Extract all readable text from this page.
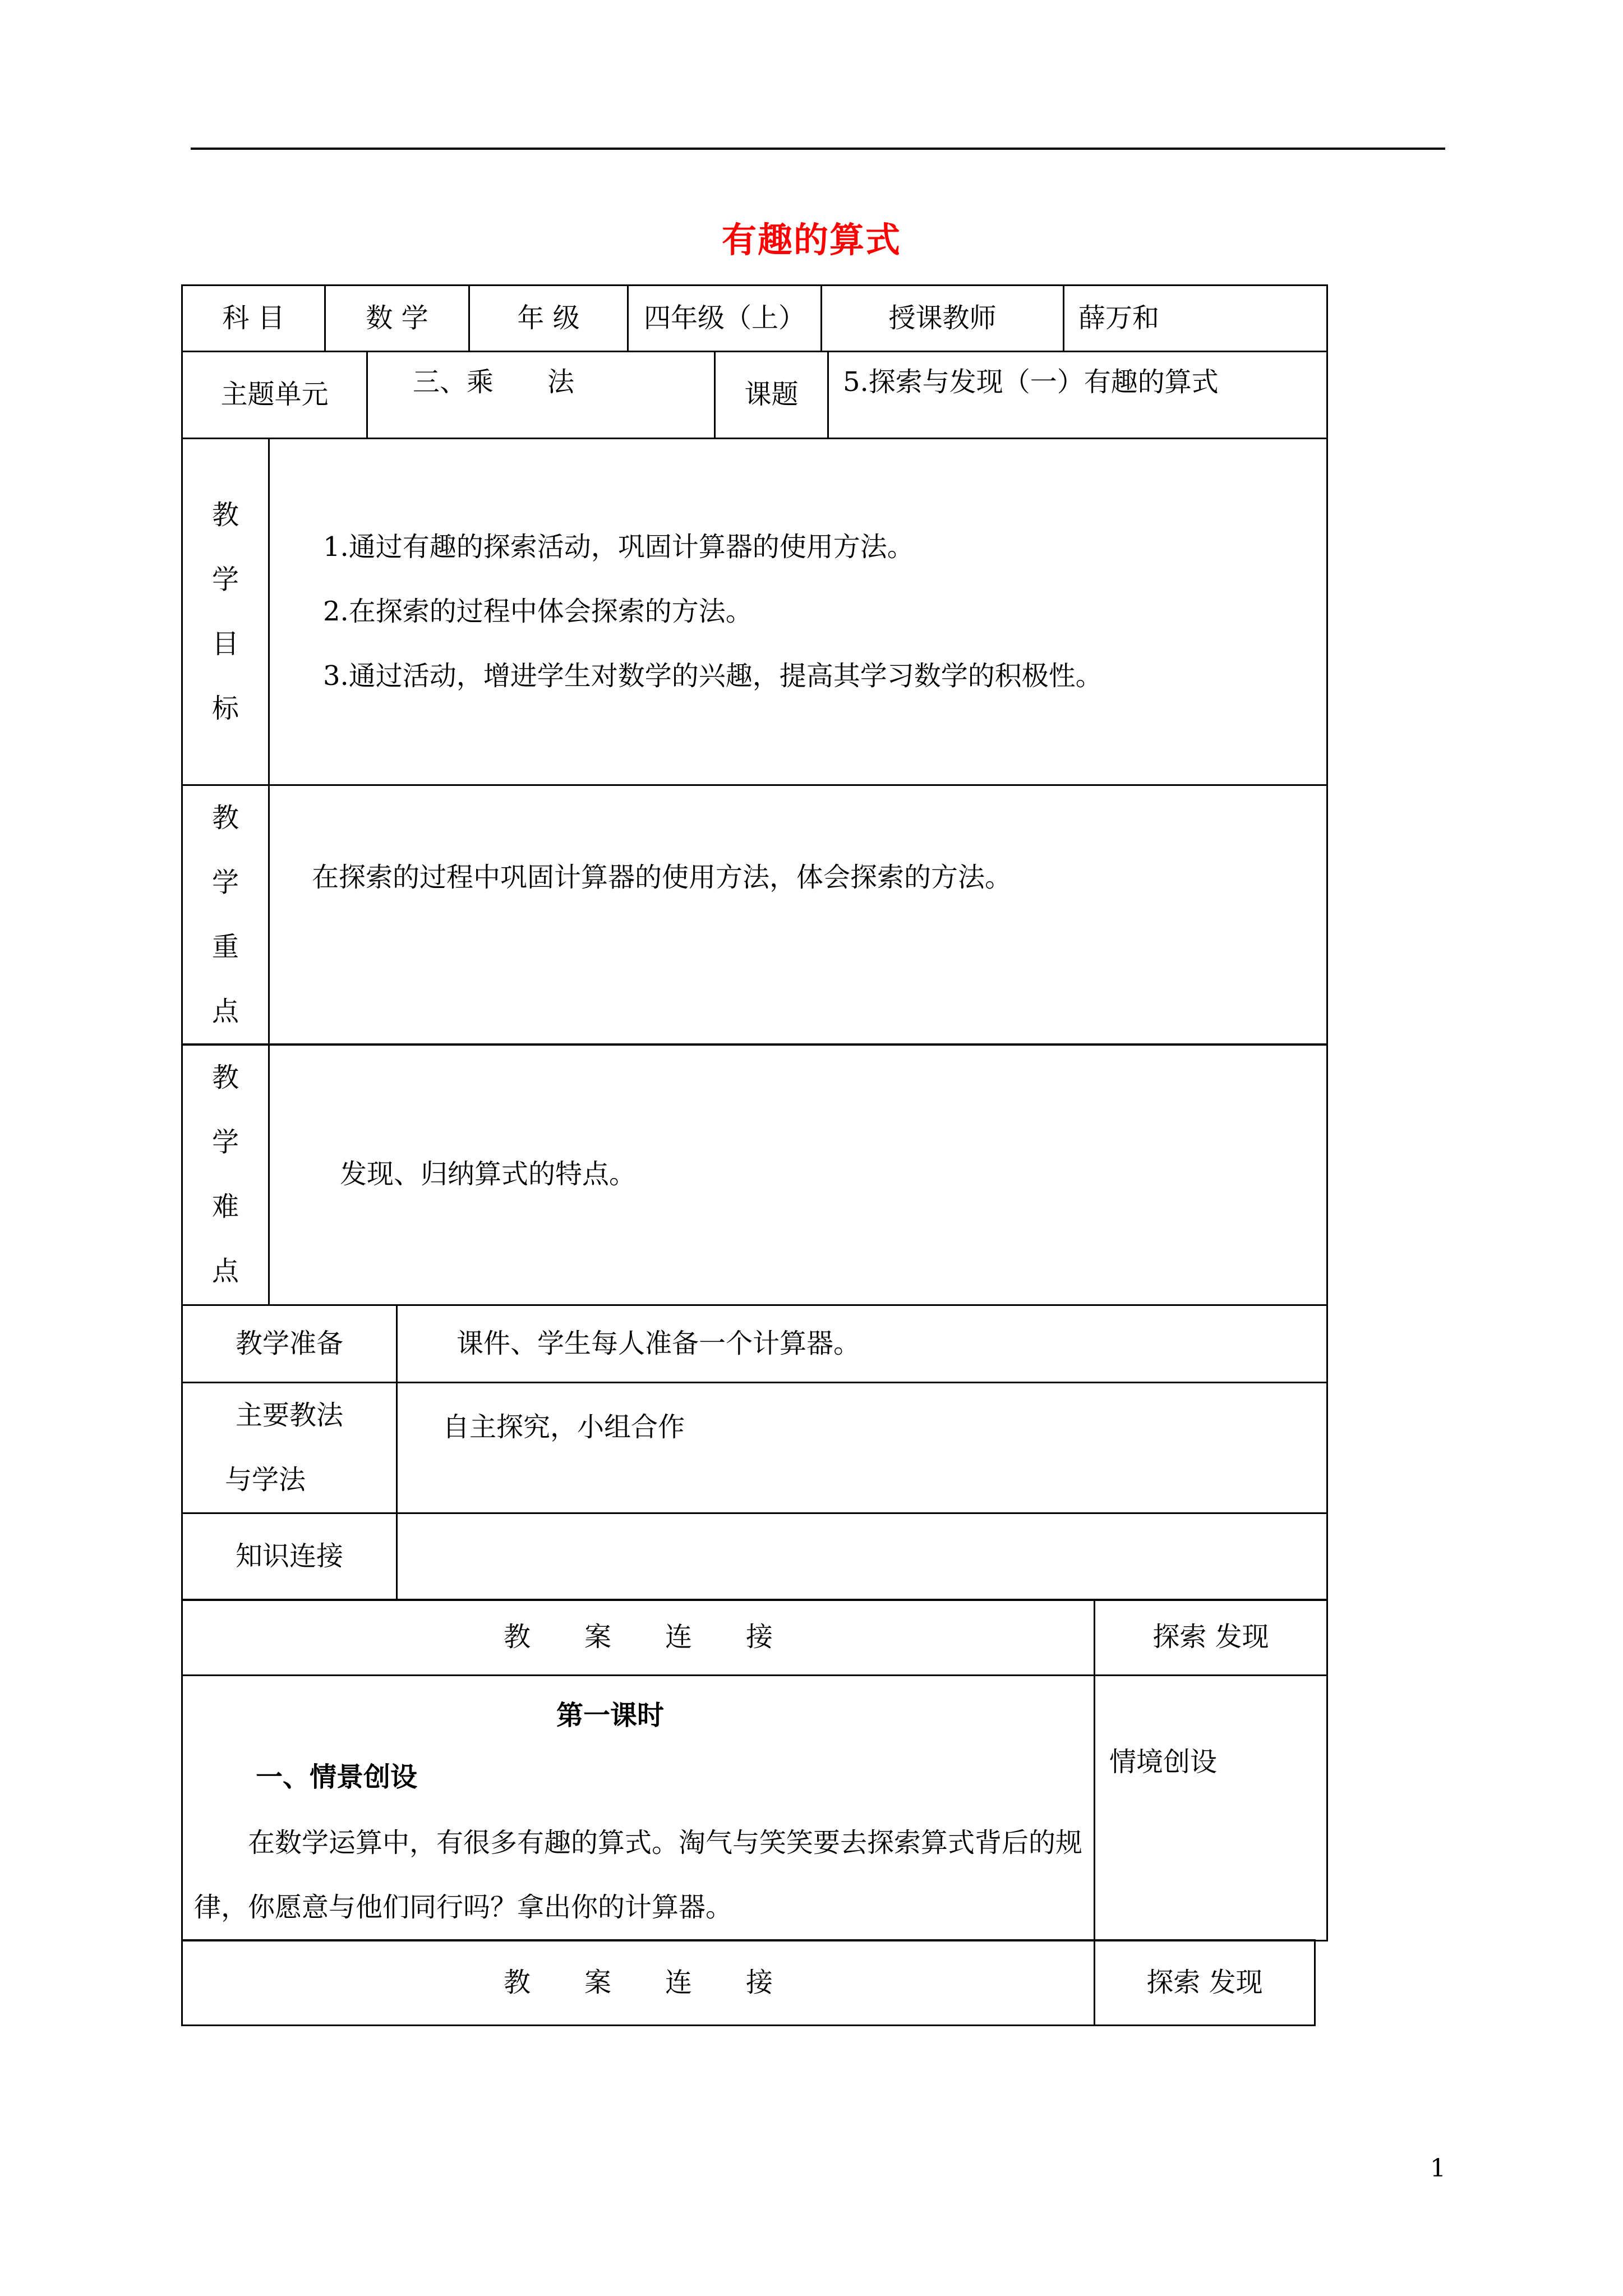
有趣的算式
科 目	数 学	年 级	四年级（上）	授课教师	薛万和
主题单元	三、乘　　法	课题	5.探索与发现（一）有趣的算式
教
学
目
标

1.通过有趣的探索活动，巩固计算器的使用方法。

2.在探索的过程中体会探索的方法。

3.通过活动，增进学生对数学的兴趣，提高其学习数学的积极性。

教
学
重
点
	在探索的过程中巩固计算器的使用方法，体会探索的方法。
教
学
难
点
	发现、归纳算式的特点。
教学准备	课件、学生每人准备一个计算器。

主要教法
与学法	自主探究，小组合作
知识连接	
教　　案　　连　　接	探索 发现

第一课时
一、情景创设

在数学运算中，有很多有趣的算式。淘气与笑笑要去探索算式背后的规律，你愿意与他们同行吗？拿出你的计算器。	情境创设
教　　案　　连　　接	探索 发现
1
